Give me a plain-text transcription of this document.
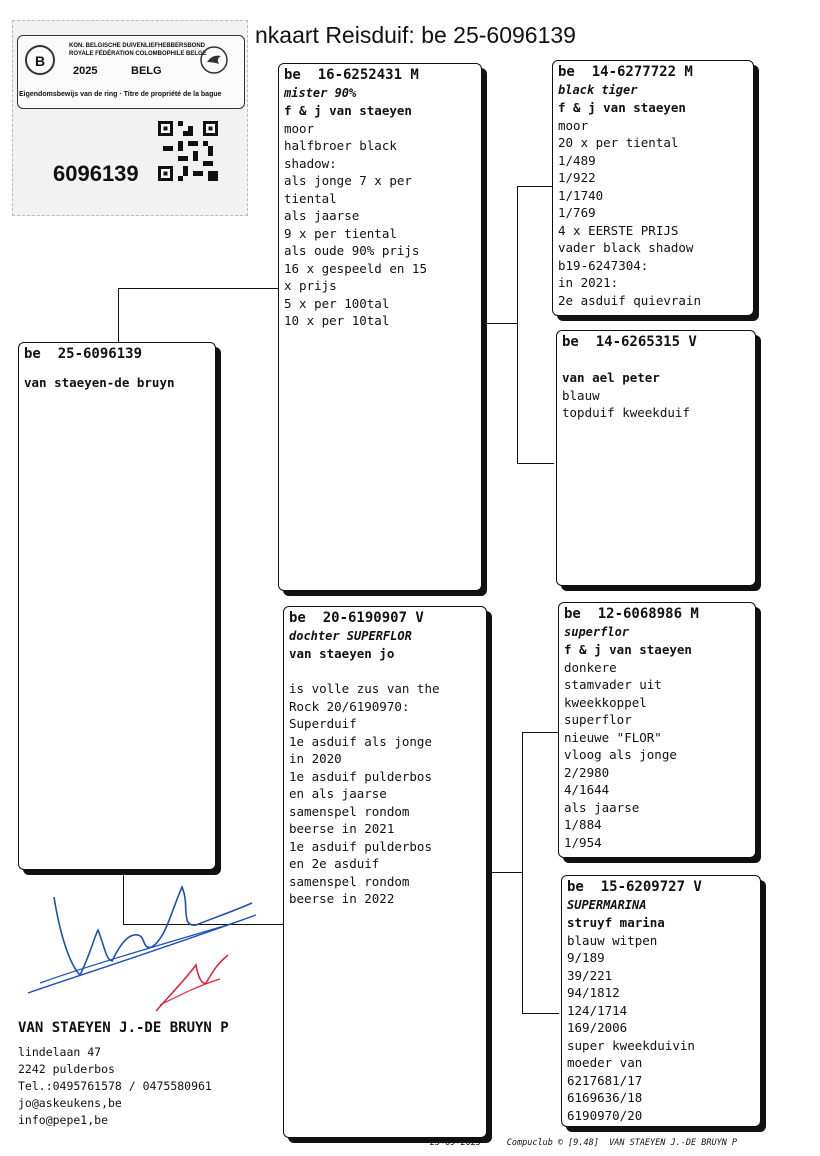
nkaart Reisduif: be 25-6096139
B
KON. BELGISCHE DUIVENLIEFHEBBERSBOND
ROYALE FÉDÉRATION COLOMBOPHILE BELGE
2025	BELG
Eigendomsbewijs van de ring · Titre de propriété de la bague
6096139
be  25-6096139
van staeyen-de bruyn
be  16-6252431 M
mister 90%
f & j van staeyen
moor
halfbroer black
shadow:
als jonge 7 x per
tiental
als jaarse
9 x per tiental
als oude 90% prijs
16 x gespeeld en 15
x prijs
5 x per 100tal
10 x per 10tal
be  20-6190907 V
dochter SUPERFLOR
van staeyen jo
is volle zus van the
Rock 20/6190970:
Superduif
1e asduif als jonge
in 2020
1e asduif pulderbos
en als jaarse
samenspel rondom
beerse in 2021
1e asduif pulderbos
en 2e asduif
samenspel rondom
beerse in 2022
be  14-6277722 M
black tiger
f & j van staeyen
moor
20 x per tiental
1/489
1/922
1/1740
1/769
4 x EERSTE PRIJS
vader black shadow
b19-6247304:
in 2021:
2e asduif quievrain
be  14-6265315 V
van ael peter
blauw
topduif kweekduif
be  12-6068986 M
superflor
f & j van staeyen
donkere
stamvader uit
kweekkoppel
superflor
nieuwe "FLOR"
vloog als jonge
2/2980
4/1644
als jaarse
1/884
1/954
be  15-6209727 V
SUPERMARINA
struyf marina
blauw witpen
9/189
39/221
94/1812
124/1714
169/2006
super kweekduivin
moeder van
6217681/17
6169636/18
6190970/20
VAN STAEYEN J.-DE BRUYN P
lindelaan 47
2242 pulderbos
Tel.:0495761578 / 0475580961
jo@askeukens,be
info@pepe1,be
23-09-2025     Compuclub © [9.48]  VAN STAEYEN J.-DE BRUYN P
